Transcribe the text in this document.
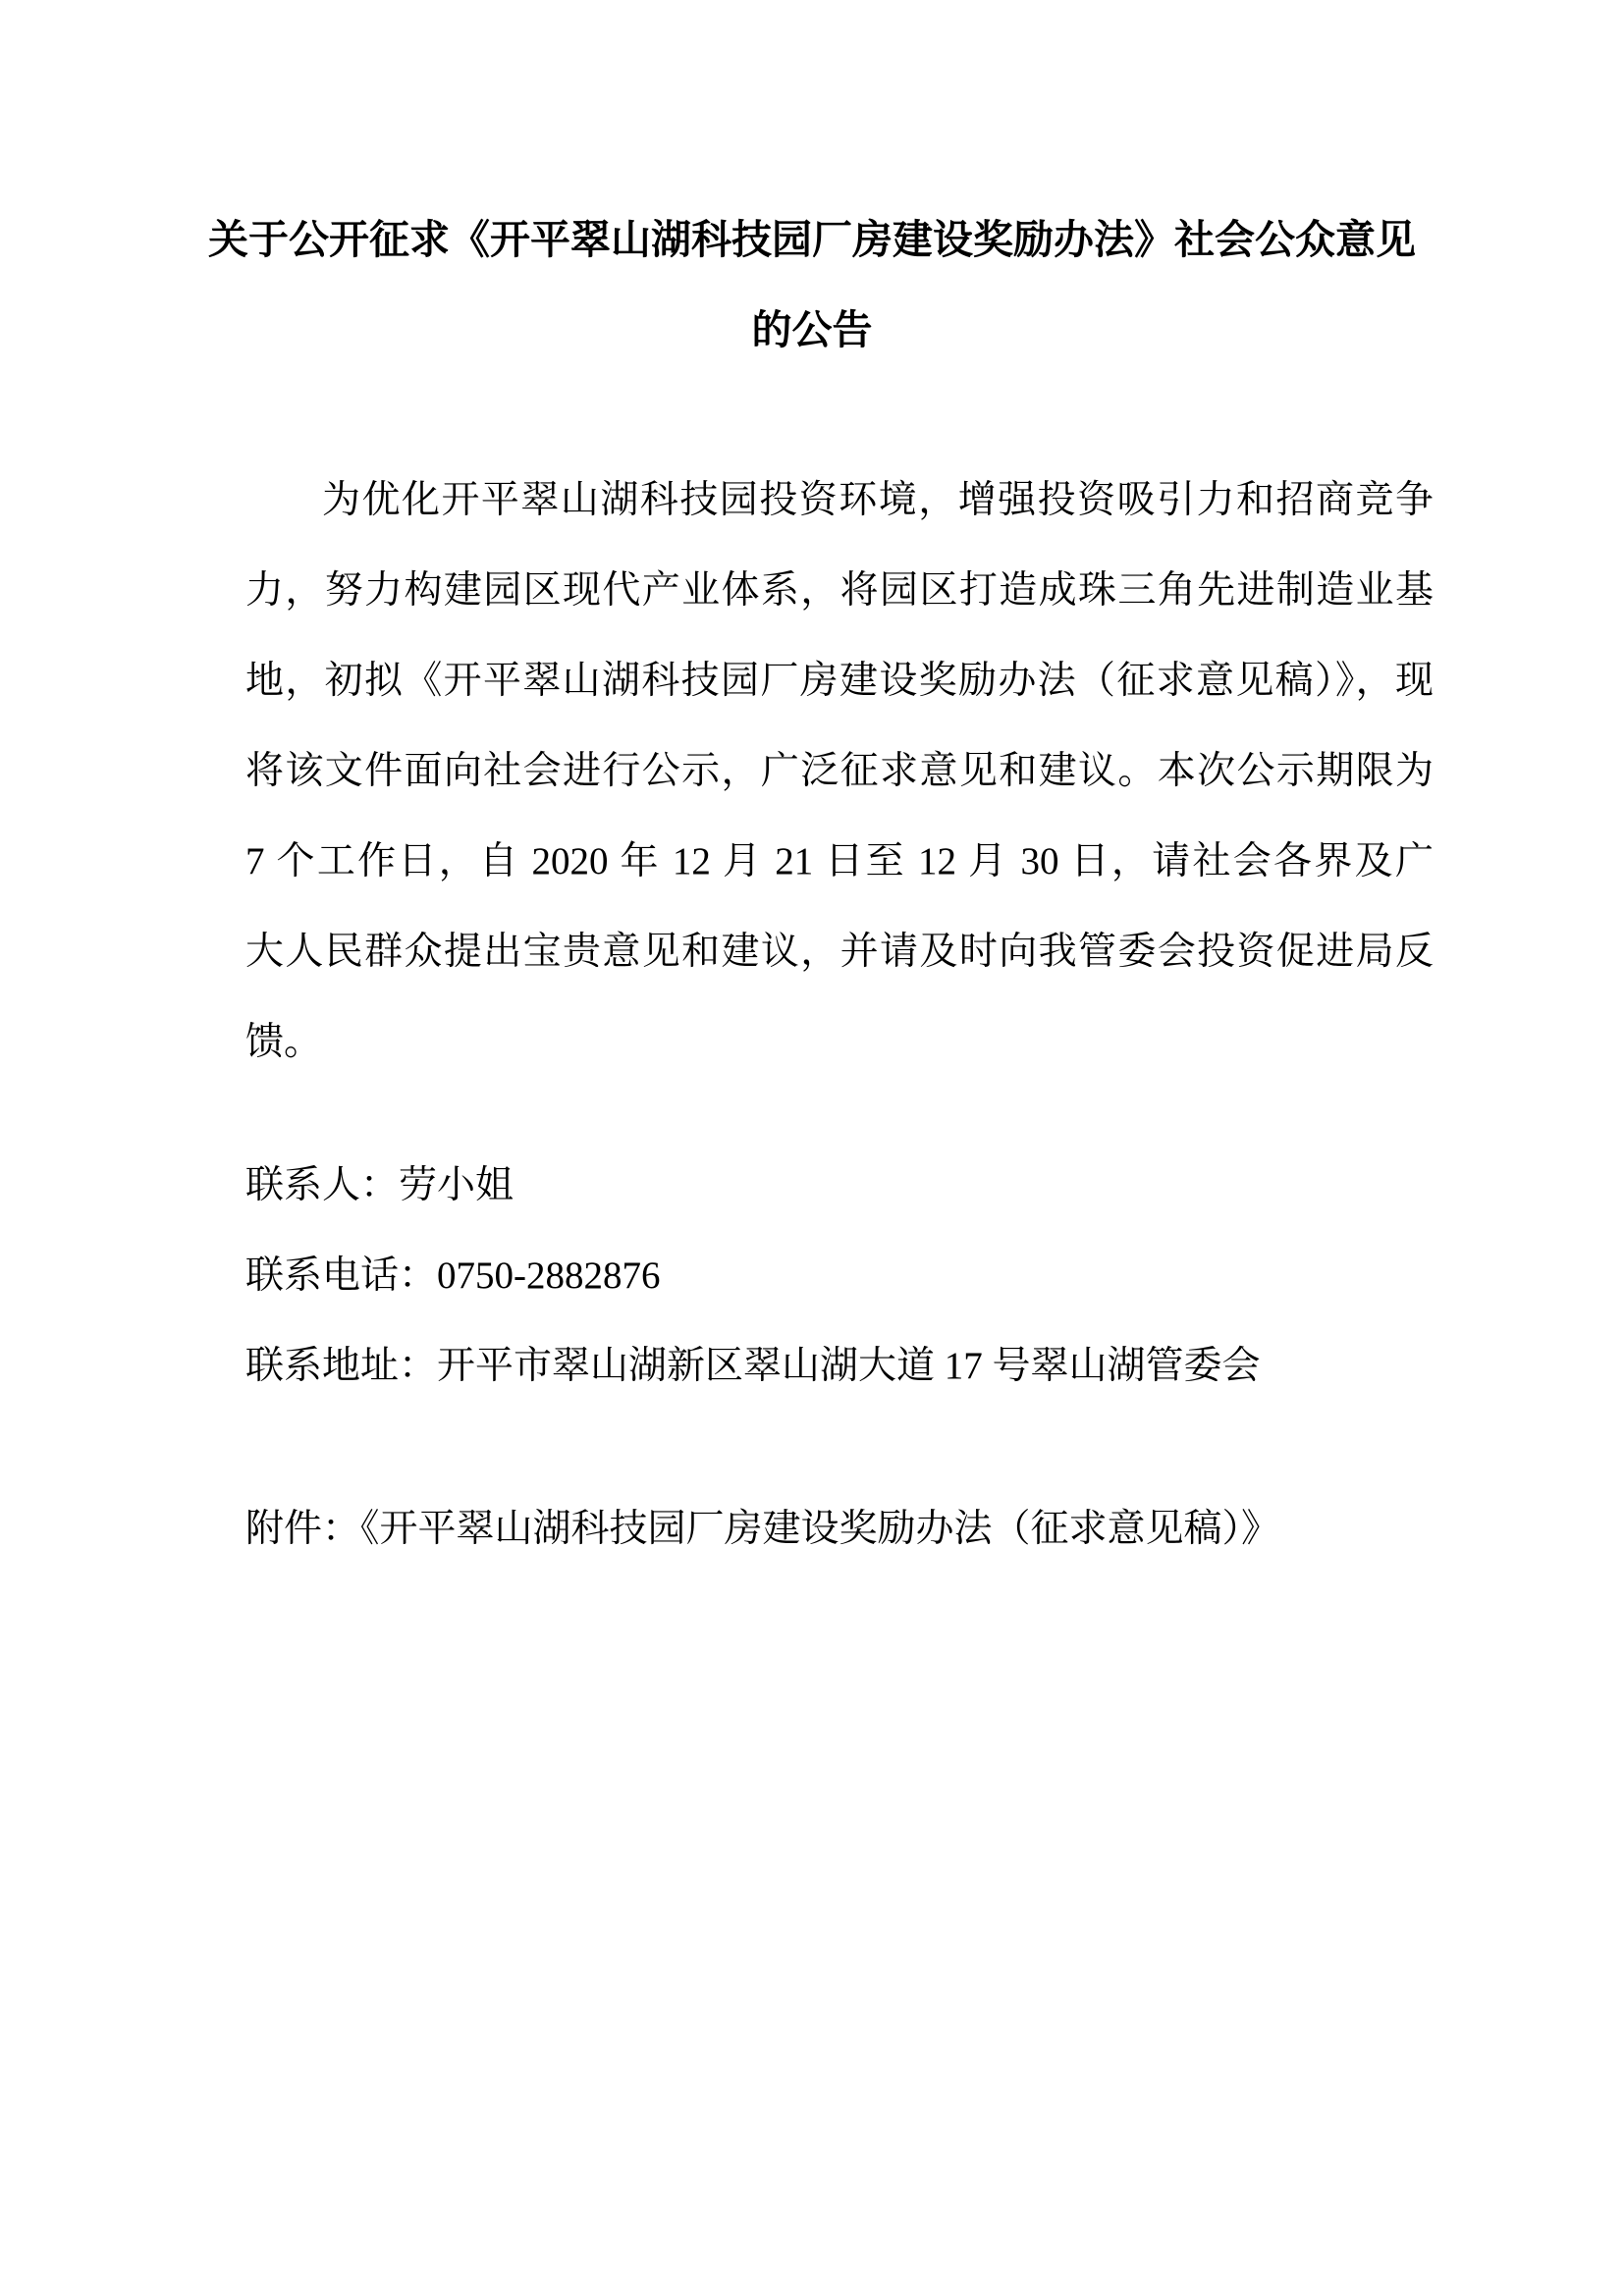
关于公开征求《开平翠山湖科技园厂房建设奖励办法》社会公众意见
的公告
为优化开平翠山湖科技园投资环境，增强投资吸引力和招商竞争
力，努力构建园区现代产业体系，将园区打造成珠三角先进制造业基
地，初拟《开平翠山湖科技园厂房建设奖励办法（征求意见稿）》，现
将该文件面向社会进行公示，广泛征求意见和建议。本次公示期限为
7 个工作日，自 2020 年 12 月 21 日至 12 月 30 日，请社会各界及广
大人民群众提出宝贵意见和建议，并请及时向我管委会投资促进局反
馈。
联系人：劳小姐
联系电话：0750-2882876
联系地址：开平市翠山湖新区翠山湖大道 17 号翠山湖管委会
附件：《开平翠山湖科技园厂房建设奖励办法（征求意见稿）》
